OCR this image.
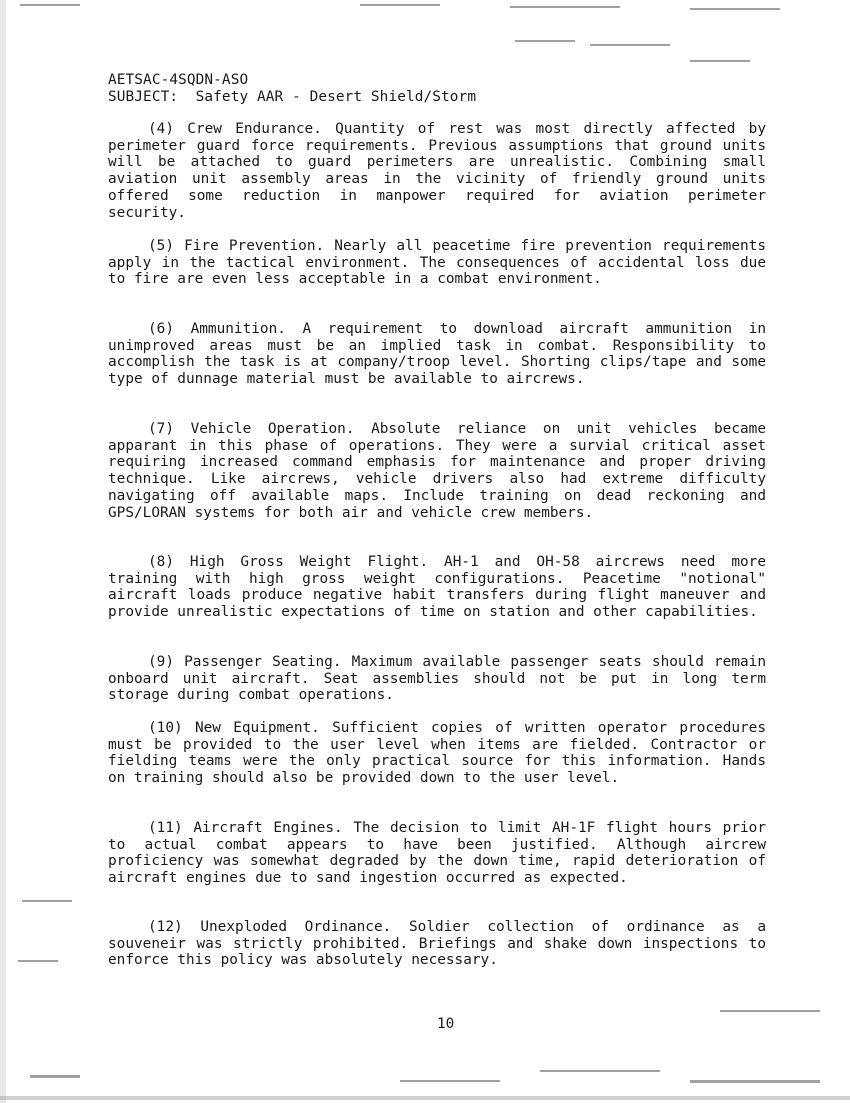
AETSAC-4SQDN-ASO
SUBJECT:  Safety AAR - Desert Shield/Storm
(4) Crew Endurance. Quantity of rest was most directly affected by perimeter guard force requirements. Previous assumptions that ground units will be attached to guard perimeters are unrealistic. Combining small aviation unit assembly areas in the vicinity of friendly ground units offered some reduction in manpower required for aviation perimeter security.
(5) Fire Prevention. Nearly all peacetime fire prevention requirements apply in the tactical environment. The consequences of accidental loss due to fire are even less acceptable in a combat environment.
(6) Ammunition. A requirement to download aircraft ammunition in unimproved areas must be an implied task in combat. Responsibility to accomplish the task is at company/troop level. Shorting clips/tape and some type of dunnage material must be available to aircrews.
(7) Vehicle Operation. Absolute reliance on unit vehicles became apparant in this phase of operations. They were a survial critical asset requiring increased command emphasis for maintenance and proper driving technique. Like aircrews, vehicle drivers also had extreme difficulty navigating off available maps. Include training on dead reckoning and GPS/LORAN systems for both air and vehicle crew members.
(8) High Gross Weight Flight. AH-1 and OH-58 aircrews need more training with high gross weight configurations. Peacetime "notional" aircraft loads produce negative habit transfers during flight maneuver and provide unrealistic expectations of time on station and other capabilities.
(9) Passenger Seating. Maximum available passenger seats should remain onboard unit aircraft. Seat assemblies should not be put in long term storage during combat operations.
(10) New Equipment. Sufficient copies of written operator procedures must be provided to the user level when items are fielded. Contractor or fielding teams were the only practical source for this information. Hands on training should also be provided down to the user level.
(11) Aircraft Engines. The decision to limit AH-1F flight hours prior to actual combat appears to have been justified. Although aircrew proficiency was somewhat degraded by the down time, rapid deterioration of aircraft engines due to sand ingestion occurred as expected.
(12) Unexploded Ordinance. Soldier collection of ordinance as a souveneir was strictly prohibited. Briefings and shake down inspections to enforce this policy was absolutely necessary.
10
